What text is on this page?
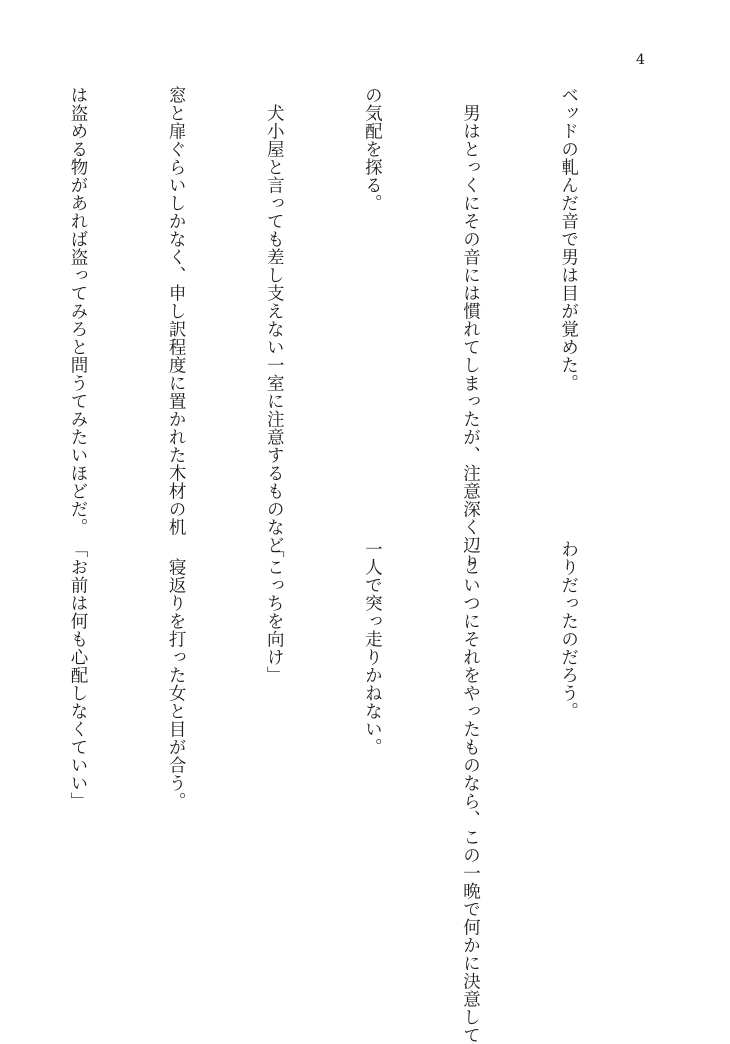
4

ベッドの軋んだ音で男は目が覚めた。

　男はとっくにその音には慣れてしまったが、注意深く辺り

の気配を探る。

　犬小屋と言っても差し支えない一室に注意するものなど

窓と扉ぐらいしかなく、申し訳程度に置かれた木材の机

は盗める物があれば盗ってみろと問うてみたいほどだ。

わりだったのだろう。

　こいつにそれをやったものなら、この一晩で何かに決意して

一人で突っ走りかねない。

「こっちを向け」

　寝返りを打った女と目が合う。

「お前は何も心配しなくていい」
